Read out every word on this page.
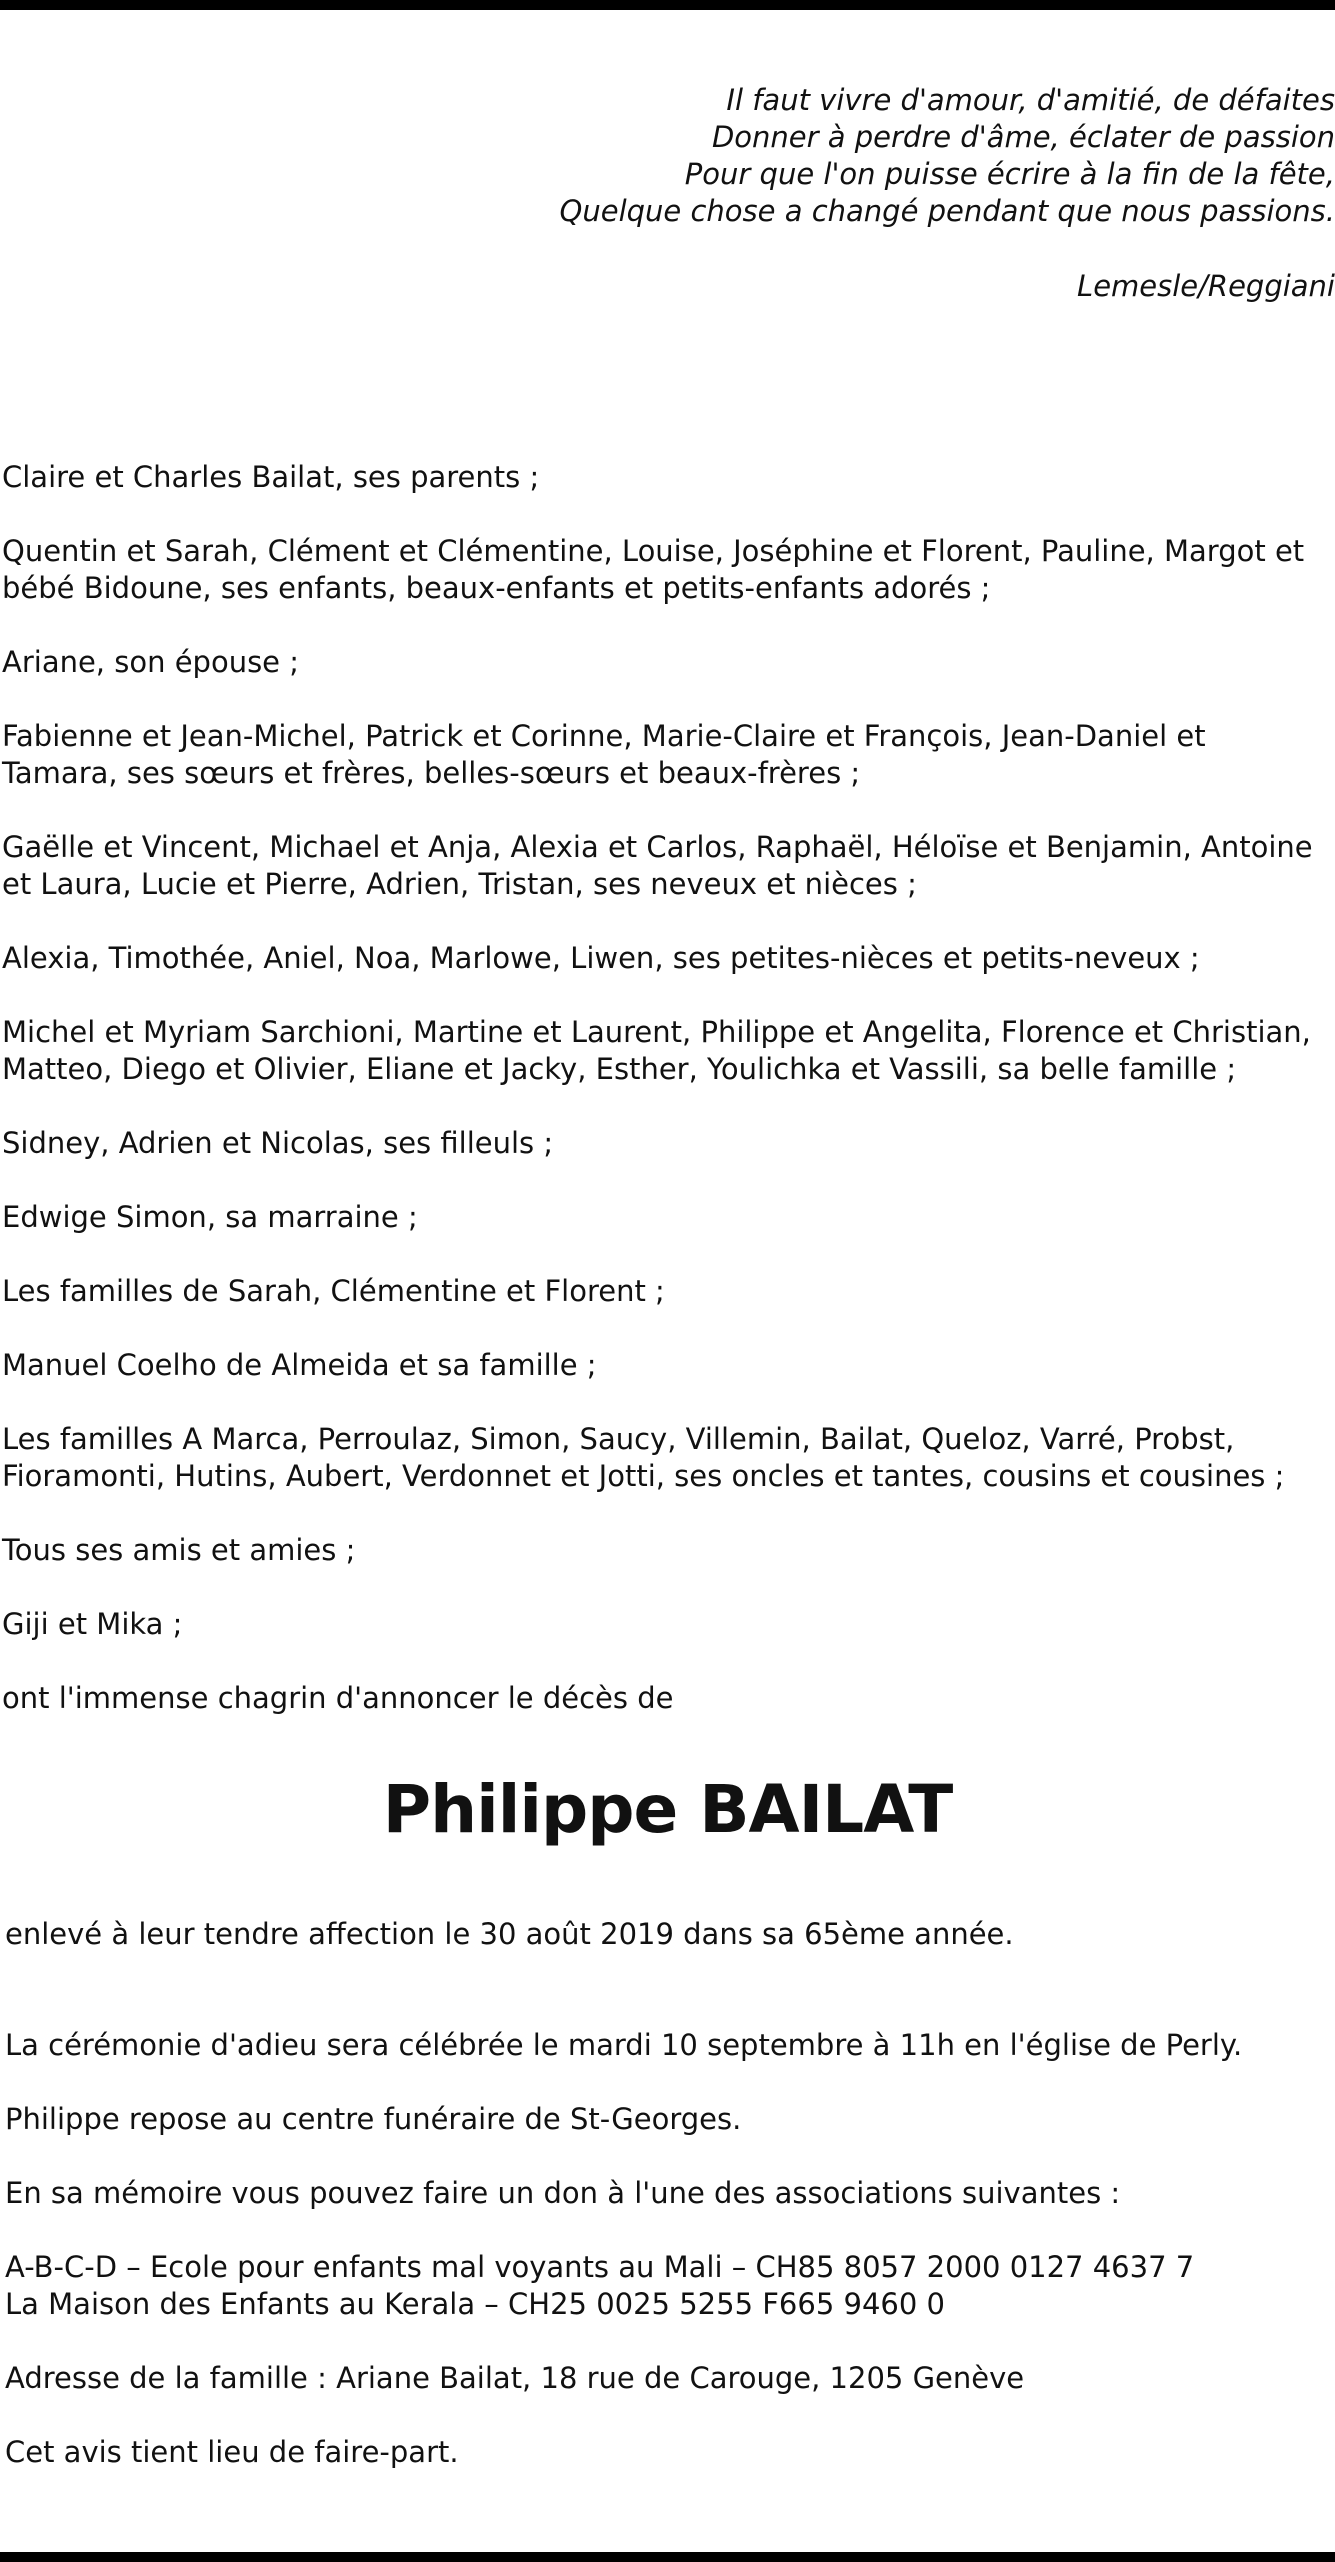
Il faut vivre d'amour, d'amitié, de défaites
Donner à perdre d'âme, éclater de passion
Pour que l'on puisse écrire à la fin de la fête,
Quelque chose a changé pendant que nous passions.
Lemesle/Reggiani

Claire et Charles Bailat, ses parents ;

Quentin et Sarah, Clément et Clémentine, Louise, Joséphine et Florent, Pauline, Margot et bébé Bidoune, ses enfants, beaux-enfants et petits-enfants adorés ;

Ariane, son épouse ;

Fabienne et Jean-Michel, Patrick et Corinne, Marie-Claire et François, Jean-Daniel et Tamara, ses sœurs et frères, belles-sœurs et beaux-frères ;

Gaëlle et Vincent, Michael et Anja, Alexia et Carlos, Raphaël, Héloïse et Benjamin, Antoine et Laura, Lucie et Pierre, Adrien, Tristan, ses neveux et nièces ;

Alexia, Timothée, Aniel, Noa, Marlowe, Liwen, ses petites-nièces et petits-neveux ;

Michel et Myriam Sarchioni, Martine et Laurent, Philippe et Angelita, Florence et Christian, Matteo, Diego et Olivier, Eliane et Jacky, Esther, Youlichka et Vassili, sa belle famille ;

Sidney, Adrien et Nicolas, ses filleuls ;

Edwige Simon, sa marraine ;

Les familles de Sarah, Clémentine et Florent ;

Manuel Coelho de Almeida et sa famille ;

Les familles A Marca, Perroulaz, Simon, Saucy, Villemin, Bailat, Queloz, Varré, Probst, Fioramonti, Hutins, Aubert, Verdonnet et Jotti, ses oncles et tantes, cousins et cousines ;

Tous ses amis et amies ;

Giji et Mika ;

ont l'immense chagrin d'annoncer le décès de

Philippe BAILAT

enlevé à leur tendre affection le 30 août 2019 dans sa 65ème année.

La cérémonie d'adieu sera célébrée le mardi 10 septembre à 11h en l'église de Perly.

Philippe repose au centre funéraire de St-Georges.

En sa mémoire vous pouvez faire un don à l'une des associations suivantes :

A-B-C-D – Ecole pour enfants mal voyants au Mali – CH85 8057 2000 0127 4637 7

La Maison des Enfants au Kerala – CH25 0025 5255 F665 9460 0

Adresse de la famille : Ariane Bailat, 18 rue de Carouge, 1205 Genève

Cet avis tient lieu de faire-part.
